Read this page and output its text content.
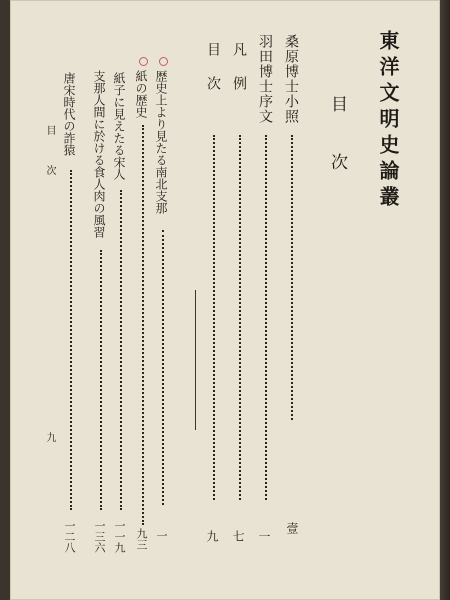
東洋文明史論叢
目　次
桑原博士小照
羽田博士序文
壹
凡　例
一
目　次
七
九
歴史上より見たる南北支那
一
紙の歴史
九三
紙子に見えたる宋人
一一九
支那人間に於ける食人肉の風習
一三六
唐宋時代の詐猿
一二八
目　次
九
